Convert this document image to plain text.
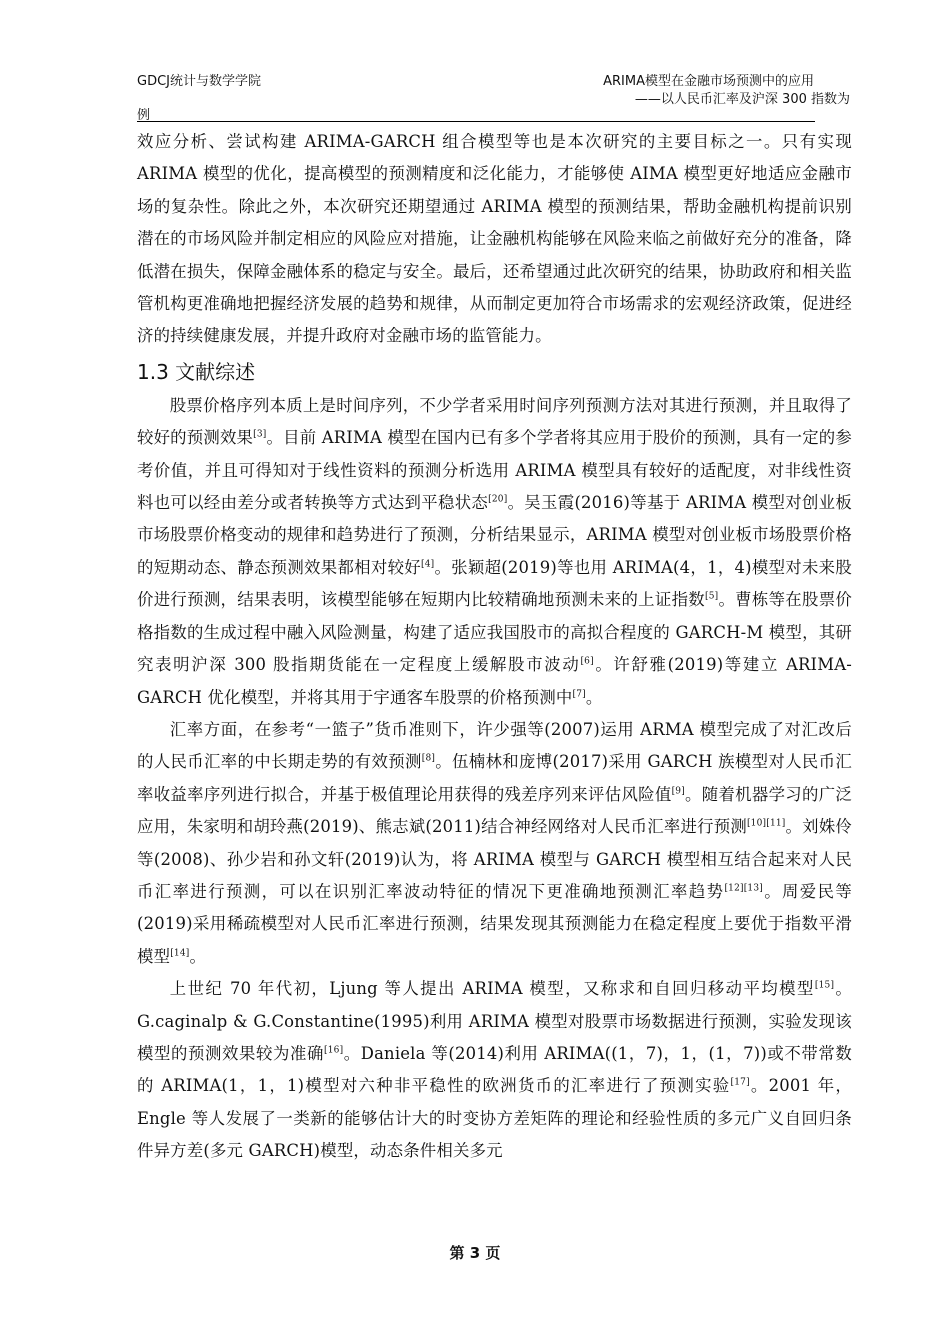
GDCJ统计与数学学院	ARIMA模型在金融市场预测中的应用
——以人民币汇率及沪深 300 指数为
例

效应分析、尝试构建 ARIMA-GARCH 组合模型等也是本次研究的主要目标之一。只有实现 ARIMA 模型的优化，提高模型的预测精度和泛化能力，才能够使 AIMA 模型更好地适应金融市场的复杂性。除此之外，本次研究还期望通过 ARIMA 模型的预测结果，帮助金融机构提前识别潜在的市场风险并制定相应的风险应对措施，让金融机构能够在风险来临之前做好充分的准备，降低潜在损失，保障金融体系的稳定与安全。最后，还希望通过此次研究的结果，协助政府和相关监管机构更准确地把握经济发展的趋势和规律，从而制定更加符合市场需求的宏观经济政策，促进经济的持续健康发展，并提升政府对金融市场的监管能力。

1.3 文献综述

股票价格序列本质上是时间序列，不少学者采用时间序列预测方法对其进行预测，并且取得了较好的预测效果[3]。目前 ARIMA 模型在国内已有多个学者将其应用于股价的预测，具有一定的参考价值，并且可得知对于线性资料的预测分析选用 ARIMA 模型具有较好的适配度，对非线性资料也可以经由差分或者转换等方式达到平稳状态[20]。吴玉霞(2016)等基于 ARIMA 模型对创业板市场股票价格变动的规律和趋势进行了预测，分析结果显示，ARIMA 模型对创业板市场股票价格的短期动态、静态预测效果都相对较好[4]。张颖超(2019)等也用 ARIMA(4，1，4)模型对未来股价进行预测，结果表明，该模型能够在短期内比较精确地预测未来的上证指数[5]。曹栋等在股票价格指数的生成过程中融入风险测量，构建了适应我国股市的高拟合程度的 GARCH-M 模型，其研究表明沪深 300 股指期货能在一定程度上缓解股市波动[6]。许舒雅(2019)等建立 ARIMA-GARCH 优化模型，并将其用于宇通客车股票的价格预测中[7]。

汇率方面，在参考“一篮子”货币准则下，许少强等(2007)运用 ARMA 模型完成了对汇改后的人民币汇率的中长期走势的有效预测[8]。伍楠林和庞博(2017)采用 GARCH 族模型对人民币汇率收益率序列进行拟合，并基于极值理论用获得的残差序列来评估风险值[9]。随着机器学习的广泛应用，朱家明和胡玲燕(2019)、熊志斌(2011)结合神经网络对人民币汇率进行预测[10][11]。刘姝伶等(2008)、孙少岩和孙文轩(2019)认为，将 ARIMA 模型与 GARCH 模型相互结合起来对人民币汇率进行预测，可以在识别汇率波动特征的情况下更准确地预测汇率趋势[12][13]。周爱民等(2019)采用稀疏模型对人民币汇率进行预测，结果发现其预测能力在稳定程度上要优于指数平滑模型[14]。

上世纪 70 年代初，Ljung 等人提出 ARIMA 模型，又称求和自回归移动平均模型[15]。G.caginalp & G.Constantine(1995)利用 ARIMA 模型对股票市场数据进行预测，实验发现该模型的预测效果较为准确[16]。Daniela 等(2014)利用 ARIMA((1，7)，1，(1，7))或不带常数的 ARIMA(1，1，1)模型对六种非平稳性的欧洲货币的汇率进行了预测实验[17]。2001 年，Engle 等人发展了一类新的能够估计大的时变协方差矩阵的理论和经验性质的多元广义自回归条件异方差(多元 GARCH)模型，动态条件相关多元

第 3 页
